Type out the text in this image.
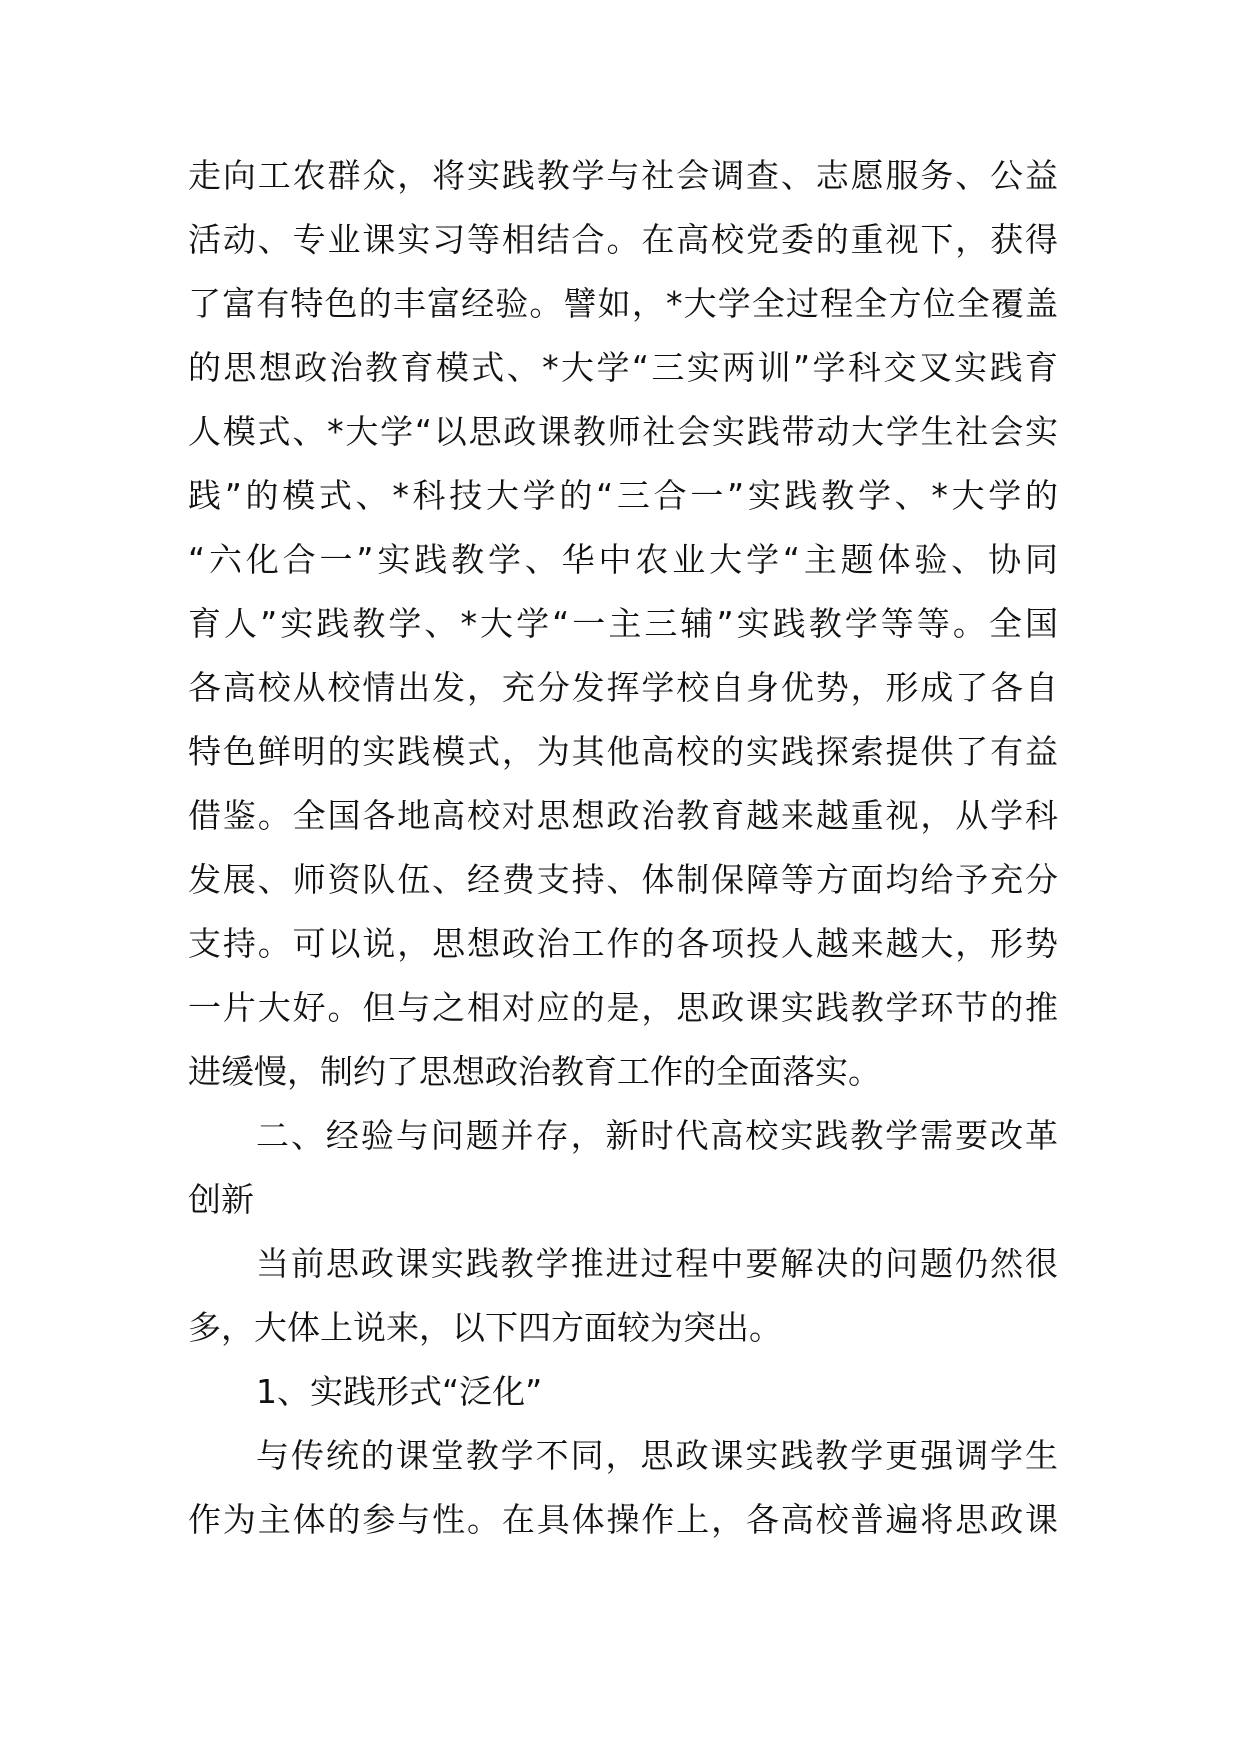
走向工农群众，将实践教学与社会调查、志愿服务、公益
活动、专业课实习等相结合。在高校党委的重视下，获得
了富有特色的丰富经验。譬如，*大学全过程全方位全覆盖
的思想政治教育模式、*大学“三实两训”学科交叉实践育
人模式、*大学“以思政课教师社会实践带动大学生社会实
践”的模式、*科技大学的“三合一”实践教学、*大学的
“六化合一”实践教学、华中农业大学“主题体验、协同
育人”实践教学、*大学“一主三辅”实践教学等等。全国
各高校从校情出发，充分发挥学校自身优势，形成了各自
特色鲜明的实践模式，为其他高校的实践探索提供了有益
借鉴。全国各地高校对思想政治教育越来越重视，从学科
发展、师资队伍、经费支持、体制保障等方面均给予充分
支持。可以说，思想政治工作的各项投人越来越大，形势
一片大好。但与之相对应的是，思政课实践教学环节的推
进缓慢，制约了思想政治教育工作的全面落实。
二、经验与问题并存，新时代高校实践教学需要改革
创新
当前思政课实践教学推进过程中要解决的问题仍然很
多，大体上说来，以下四方面较为突出。
1、实践形式“泛化”
与传统的课堂教学不同，思政课实践教学更强调学生
作为主体的参与性。在具体操作上，各高校普遍将思政课
